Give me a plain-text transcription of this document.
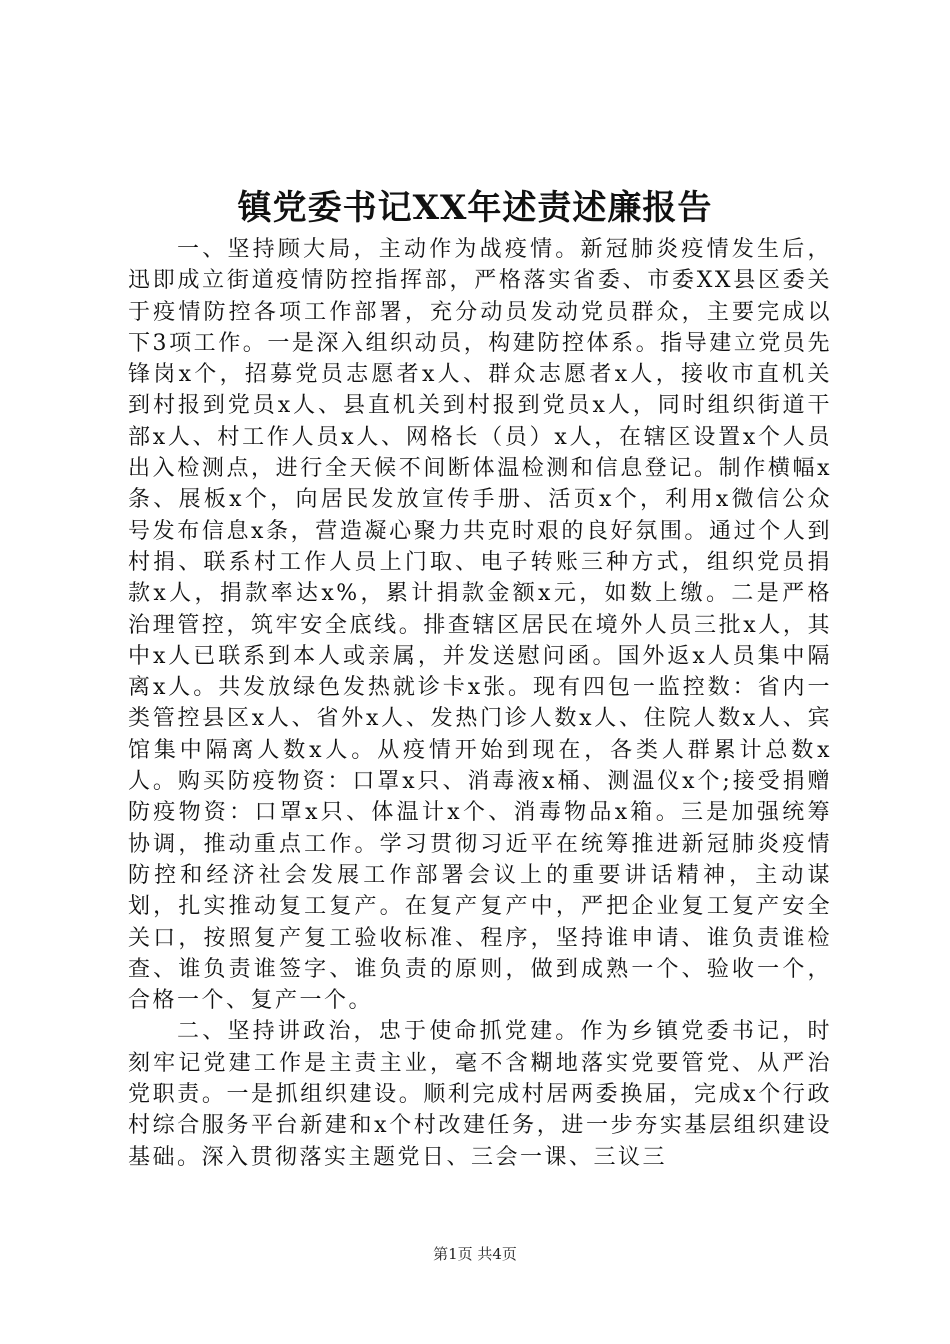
镇党委书记XX年述责述廉报告

一、坚持顾大局，主动作为战疫情。新冠肺炎疫情发生后，迅即成立街道疫情防控指挥部，严格落实省委、市委XX县区委关于疫情防控各项工作部署，充分动员发动党员群众，主要完成以下3项工作。一是深入组织动员，构建防控体系。指导建立党员先锋岗x个，招募党员志愿者x人、群众志愿者x人，接收市直机关到村报到党员x人、县直机关到村报到党员x人，同时组织街道干部x人、村工作人员x人、网格长（员）x人，在辖区设置x个人员出入检测点，进行全天候不间断体温检测和信息登记。制作横幅x条、展板x个，向居民发放宣传手册、活页x个，利用x微信公众号发布信息x条，营造凝心聚力共克时艰的良好氛围。通过个人到村捐、联系村工作人员上门取、电子转账三种方式，组织党员捐款x人，捐款率达x%，累计捐款金额x元，如数上缴。二是严格治理管控，筑牢安全底线。排查辖区居民在境外人员三批x人，其中x人已联系到本人或亲属，并发送慰问函。国外返x人员集中隔离x人。共发放绿色发热就诊卡x张。现有四包一监控数：省内一类管控县区x人、省外x人、发热门诊人数x人、住院人数x人、宾馆集中隔离人数x人。从疫情开始到现在，各类人群累计总数x人。购买防疫物资：口罩x只、消毒液x桶、测温仪x个;接受捐赠防疫物资：口罩x只、体温计x个、消毒物品x箱。三是加强统筹协调，推动重点工作。学习贯彻习近平在统筹推进新冠肺炎疫情防控和经济社会发展工作部署会议上的重要讲话精神，主动谋划，扎实推动复工复产。在复产复产中，严把企业复工复产安全关口，按照复产复工验收标准、程序，坚持谁申请、谁负责谁检查、谁负责谁签字、谁负责的原则，做到成熟一个、验收一个，合格一个、复产一个。

二、坚持讲政治，忠于使命抓党建。作为乡镇党委书记，时刻牢记党建工作是主责主业，毫不含糊地落实党要管党、从严治党职责。一是抓组织建设。顺利完成村居两委换届，完成x个行政村综合服务平台新建和x个村改建任务，进一步夯实基层组织建设基础。深入贯彻落实主题党日、三会一课、三议三

第1页 共4页
